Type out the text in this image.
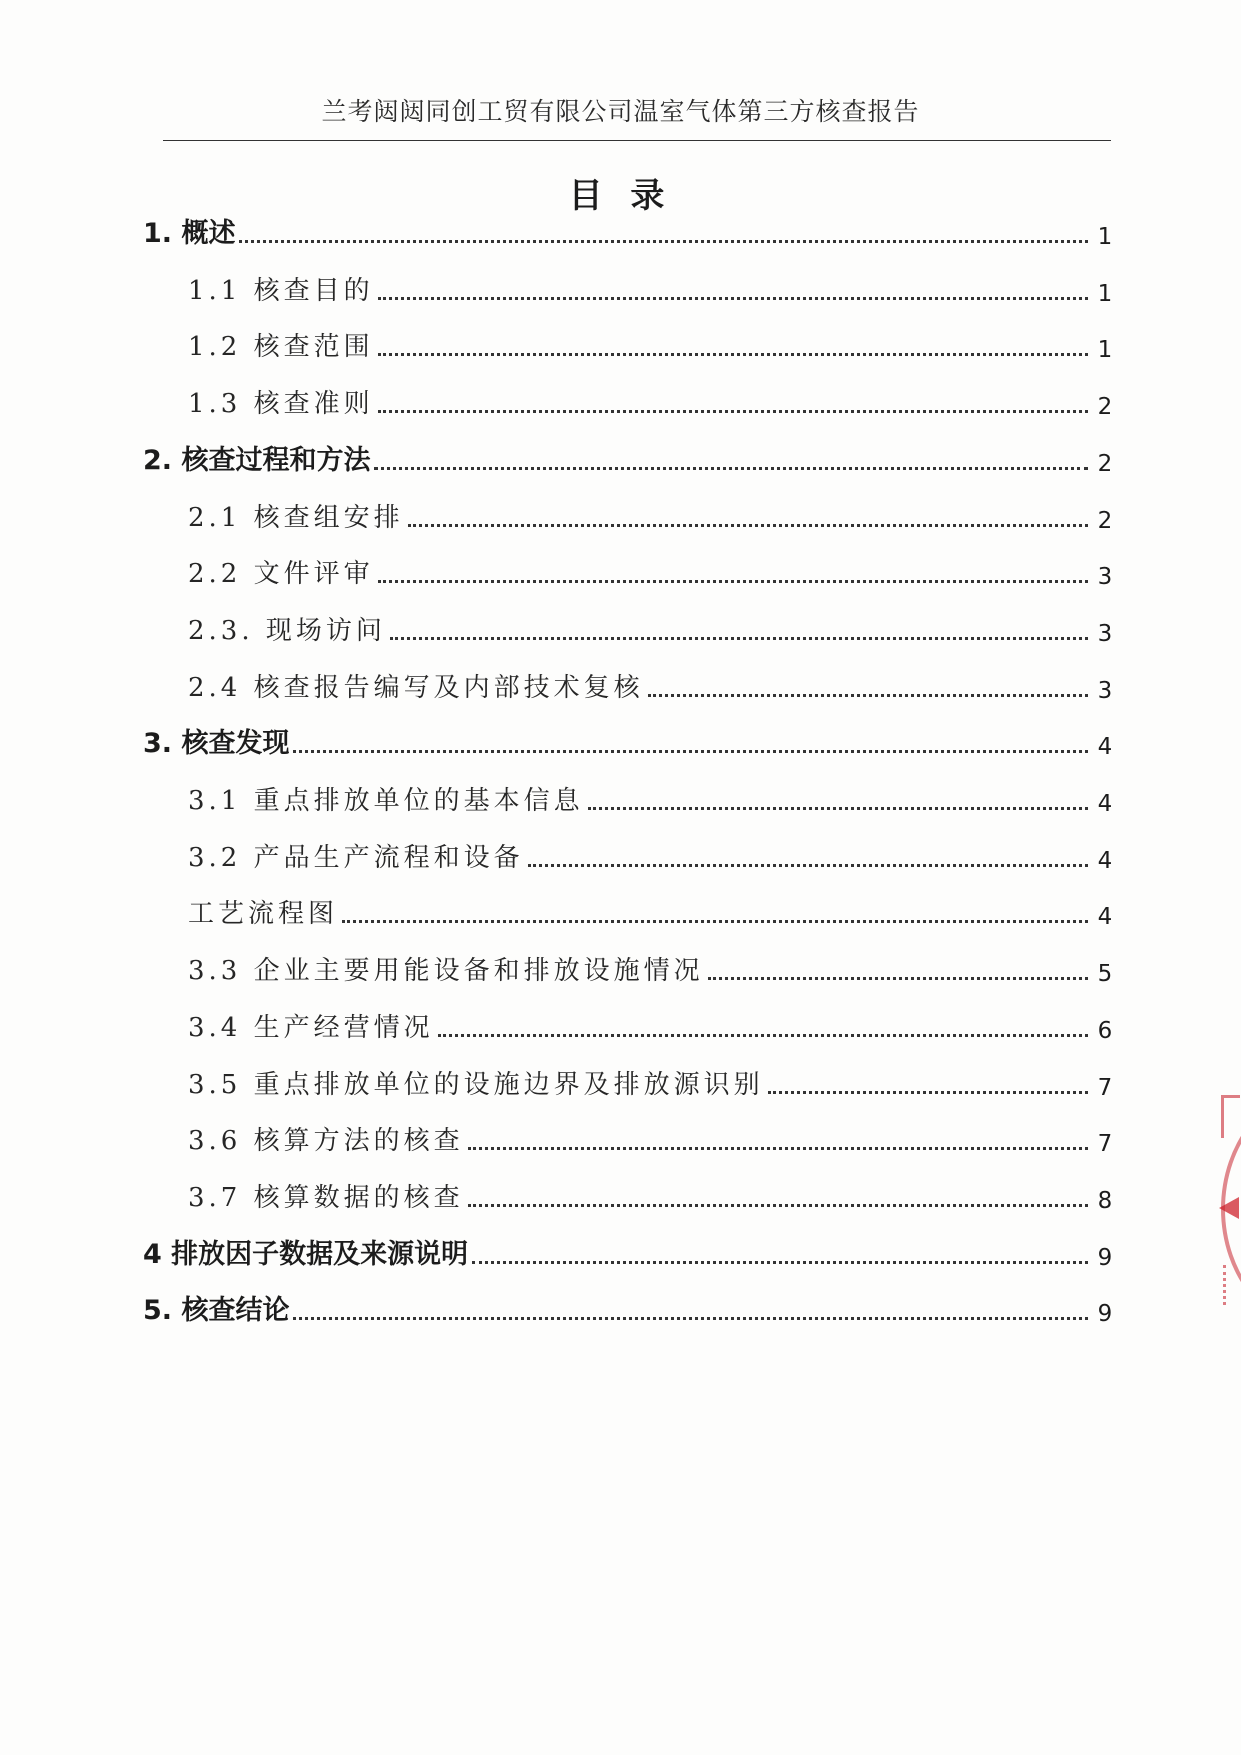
兰考闼闼同创工贸有限公司温室气体第三方核查报告
目 录
1. 概述	1
1.1 核查目的	1
1.2 核查范围	1
1.3 核查准则	2
2. 核查过程和方法	2
2.1 核查组安排	2
2.2 文件评审	3
2.3. 现场访问	3
2.4 核查报告编写及内部技术复核	3
3. 核查发现	4
3.1 重点排放单位的基本信息	4
3.2 产品生产流程和设备	4
工艺流程图	4
3.3 企业主要用能设备和排放设施情况	5
3.4 生产经营情况	6
3.5 重点排放单位的设施边界及排放源识别	7
3.6 核算方法的核查	7
3.7 核算数据的核查	8
4 排放因子数据及来源说明	9
5. 核查结论	9
